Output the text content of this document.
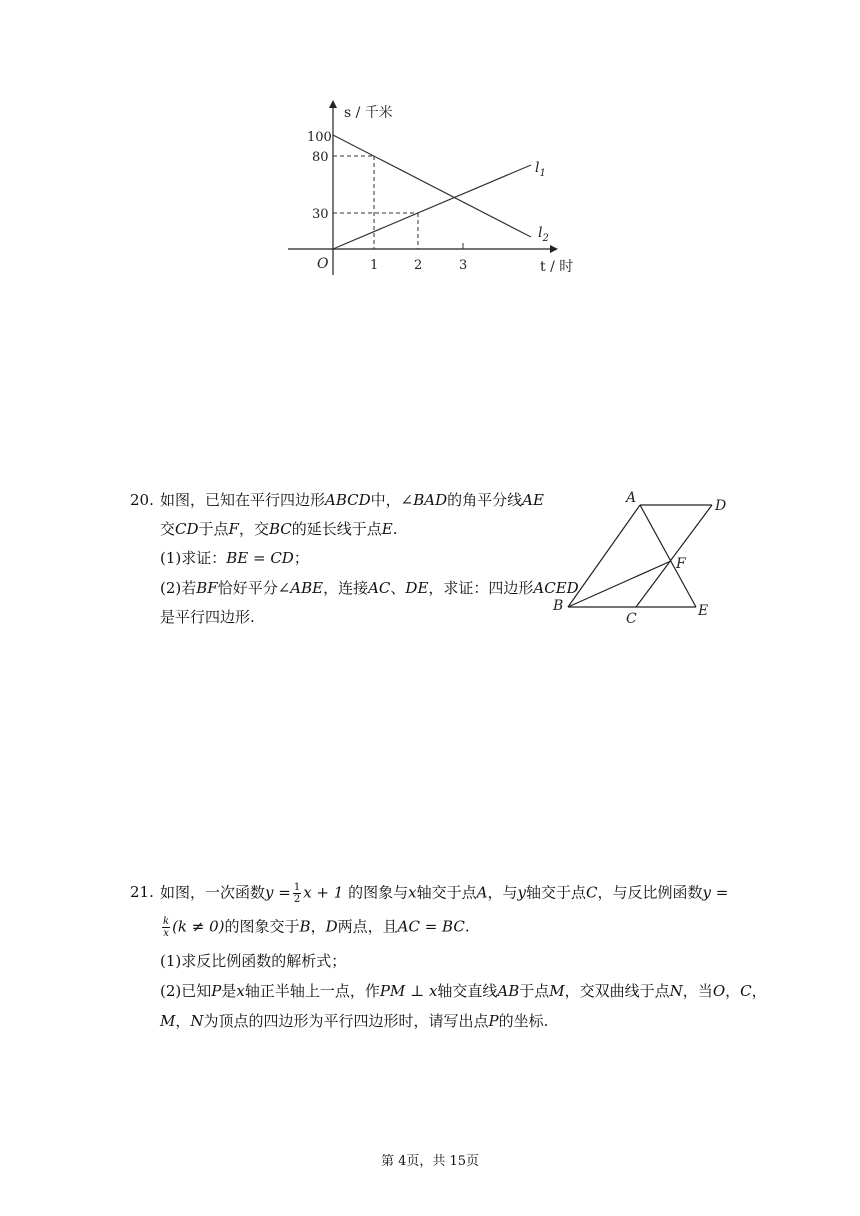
s / 千米
t / 时
O
100
80
30
1	2	3
$l_1$
$l_2$
20. 如图，已知在平行四边形ABCD中，∠BAD的角平分线AE
交CD于点F，交BC的延长线于点E.
(1)求证：BE = CD；
(2)若BF恰好平分∠ABE，连接AC、DE，求证：四边形ACED
是平行四边形.
A	D
F
B
C	E
21. 如图，一次函数$y = \frac{1}{2}$ x + 1 的图象与x轴交于点A，与y轴交于点C，与反比例函数y =
$\frac{k}{x} (k \ne 0)$的图象交于B，D两点，且AC = BC.
(1)求反比例函数的解析式；
(2)已知P是x轴正半轴上一点，作PM ⊥ x轴交直线AB于点M，交双曲线于点N，当O，C，
M，N为顶点的四边形为平行四边形时，请写出点P的坐标.
第 4页，共 15页
